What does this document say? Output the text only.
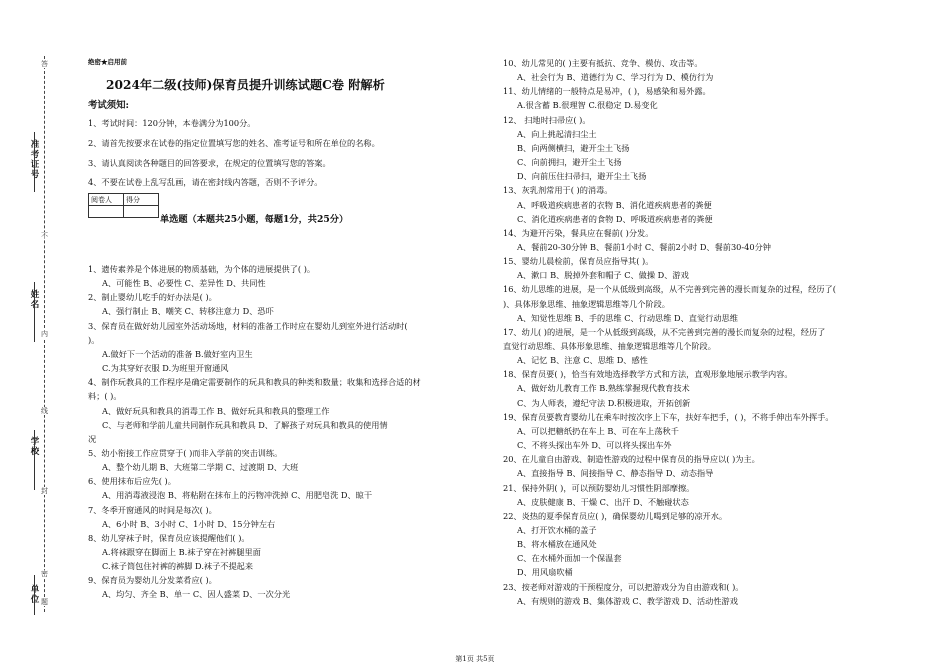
准考证号
姓名
学校
单位
答
不
内
线
封
密
题
绝密★启用前
2024年二级(技师)保育员提升训练试题C卷 附解析
考试须知:
1、考试时间：120分钟，本卷满分为100分。
2、请首先按要求在试卷的指定位置填写您的姓名、准考证号和所在单位的名称。
3、请认真阅读各种题目的回答要求，在规定的位置填写您的答案。
4、不要在试卷上乱写乱画，请在密封线内答题，否则不予评分。
阅卷人	得分

单选题（本题共25小题，每题1分，共25分）
1、遗传素养是个体进展的物质基础，为个体的进展提供了( )。
A、可能性 B、必要性 C、差异性 D、共同性
2、制止婴幼儿吃手的好办法是( )。
A、强行制止 B、嘲笑 C、转移注意力 D、恐吓
3、保育员在做好幼儿园室外活动场地，材料的准备工作时应在婴幼儿到室外进行活动时(
)。
A.做好下一个活动的准备 B.做好室内卫生
C.为其穿好衣服 D.为班里开窗通风
4、制作玩教具的工作程序是确定需要制作的玩具和教具的种类和数量；收集和选择合适的材
料；( )。
A、做好玩具和教具的消毒工作 B、做好玩具和教具的整理工作
C、与老师和学前儿童共同制作玩具和教具 D、了解孩子对玩具和教具的使用情
况
5、幼小衔接工作应贯穿于( )而非入学前的突击训练。
A、整个幼儿期 B、大班第二学期 C、过渡期 D、大班
6、使用抹布后应先( )。
A、用消毒液浸泡 B、将粘附在抹布上的污物冲洗掉 C、用肥皂洗 D、晾干
7、冬季开窗通风的时间是每次( )。
A、6小时 B、3小时 C、1小时 D、15分钟左右
8、幼儿穿袜子时，保育员应该提醒他们( )。
A.将袜跟穿在脚面上 B.袜子穿在衬裤腿里面
C.袜子筒包住衬裤的裤脚 D.袜子不提起来
9、保育员为婴幼儿分发菜肴应( )。
A、均匀、齐全 B、单一 C、因人盛菜 D、一次分光
10、幼儿常见的( )主要有抵抗、竞争、模仿、攻击等。
A、社会行为 B、道德行为 C、学习行为 D、模仿行为
11、幼儿情绪的一般特点是易冲，( )，易感染和易外露。
A.很含蓄 B.很理智 C.很稳定 D.易变化
12、 扫地时扫帚应( )。
A、向上挑起清扫尘土
B、向两侧横扫，避开尘土飞扬
C、向前拥扫，避开尘土飞扬
D、向前压住扫帚扫，避开尘土飞扬
13、灰乳剂常用于( )的消毒。
A、呼吸道疾病患者的衣物 B、消化道疾病患者的粪便
C、消化道疾病患者的食物 D、呼吸道疾病患者的粪便
14、为避开污染，餐具应在餐前( )分发。
A、餐前20-30分钟 B、餐前1小时 C、餐前2小时 D、餐前30-40分钟
15、婴幼儿晨检前，保育员应指导其( )。
A、漱口 B、脱掉外套和帽子 C、做操 D、游戏
16、幼儿思维的进展，是一个从低级到高级，从不完善到完善的漫长而复杂的过程，经历了(
)、具体形象思维、抽象逻辑思维等几个阶段。
A、知觉性思维 B、手的思维 C、行动思维 D、直觉行动思维
17、幼儿( )的进展，是一个从低级到高级，从不完善到完善的漫长而复杂的过程，经历了
直觉行动思维、具体形象思维、抽象逻辑思维等几个阶段。
A、记忆 B、注意 C、思维 D、感性
18、保育员要( )，恰当有效地选择教学方式和方法，直观形象地展示教学内容。
A、做好幼儿教育工作 B.熟练掌握现代教育技术
C、为人师表，遵纪守法 D.积极进取，开拓创新
19、保育员要教育婴幼儿在乘车时按次序上下车，扶好车把手，( )，不将手伸出车外挥手。
A、可以把糖纸扔在车上 B、可在车上荡秋千
C、不将头探出车外 D、可以将头探出车外
20、在儿童自由游戏、制造性游戏的过程中保育员的指导应以( )为主。
A、直接指导 B、间接指导 C、静态指导 D、动态指导
21、保持外阴( )，可以预防婴幼儿习惯性阴部摩擦。
A、皮肤健康 B、干燥 C、出汗 D、不触碰状态
22、炎热的夏季保育员应( )，确保婴幼儿喝到足够的凉开水。
A、打开饮水桶的盖子
B、将水桶放在通风处
C、在水桶外面加一个保温套
D、用风扇吹桶
23、按老师对游戏的干预程度分，可以把游戏分为自由游戏和( )。
A、有规则的游戏 B、集体游戏 C、教学游戏 D、活动性游戏
第1页 共5页
